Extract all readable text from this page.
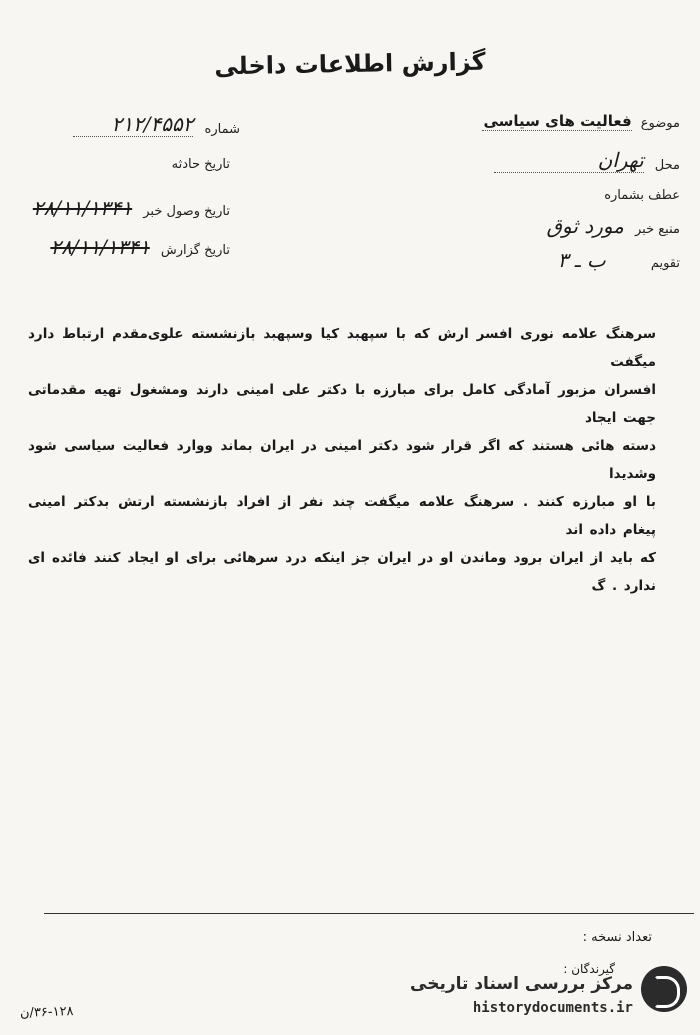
گزارش اطلاعات داخلی
شماره ۲۱۲/۴۵۵۲
تاریخ حادثه
تاریخ وصول خبر ۲۸/۱۱/۱۳۴۱
تاریخ گزارش ۲۸/۱۱/۱۳۴۱
موضوع فعالیت های سیاسی
محل تهران
عطف بشماره
منبع خبر مورد ثوق
تقویم ب ـ ۳

سرهنگ علامه نوری افسر ارش که با سپهبد کیا وسپهبد بازنشسته علوی‌مقدم ارتباط دارد میگفت

افسران مزبور آمادگی کامل برای مبارزه با دکتر علی امینی دارند ومشغول تهیه مقدماتی جهت ایجاد

دسته هائی هستند که اگر قرار شود دکتر امینی در ایران بماند ووارد فعالیت سیاسی شود وشدیدا

با او مبارزه کنند . سرهنگ علامه میگفت چند نفر از افراد بازنشسته ارتش بدکتر امینی پیغام داده اند

که باید از ایران برود وماندن او در ایران جز اینکه درد سرهائی برای او ایجاد کنند فائده ای ندارد . گ

تعداد نسخه :
گیرندگان :
۳۶-۱۲۸/ن
مرکز بررسی اسناد تاریخی
historydocuments.ir
